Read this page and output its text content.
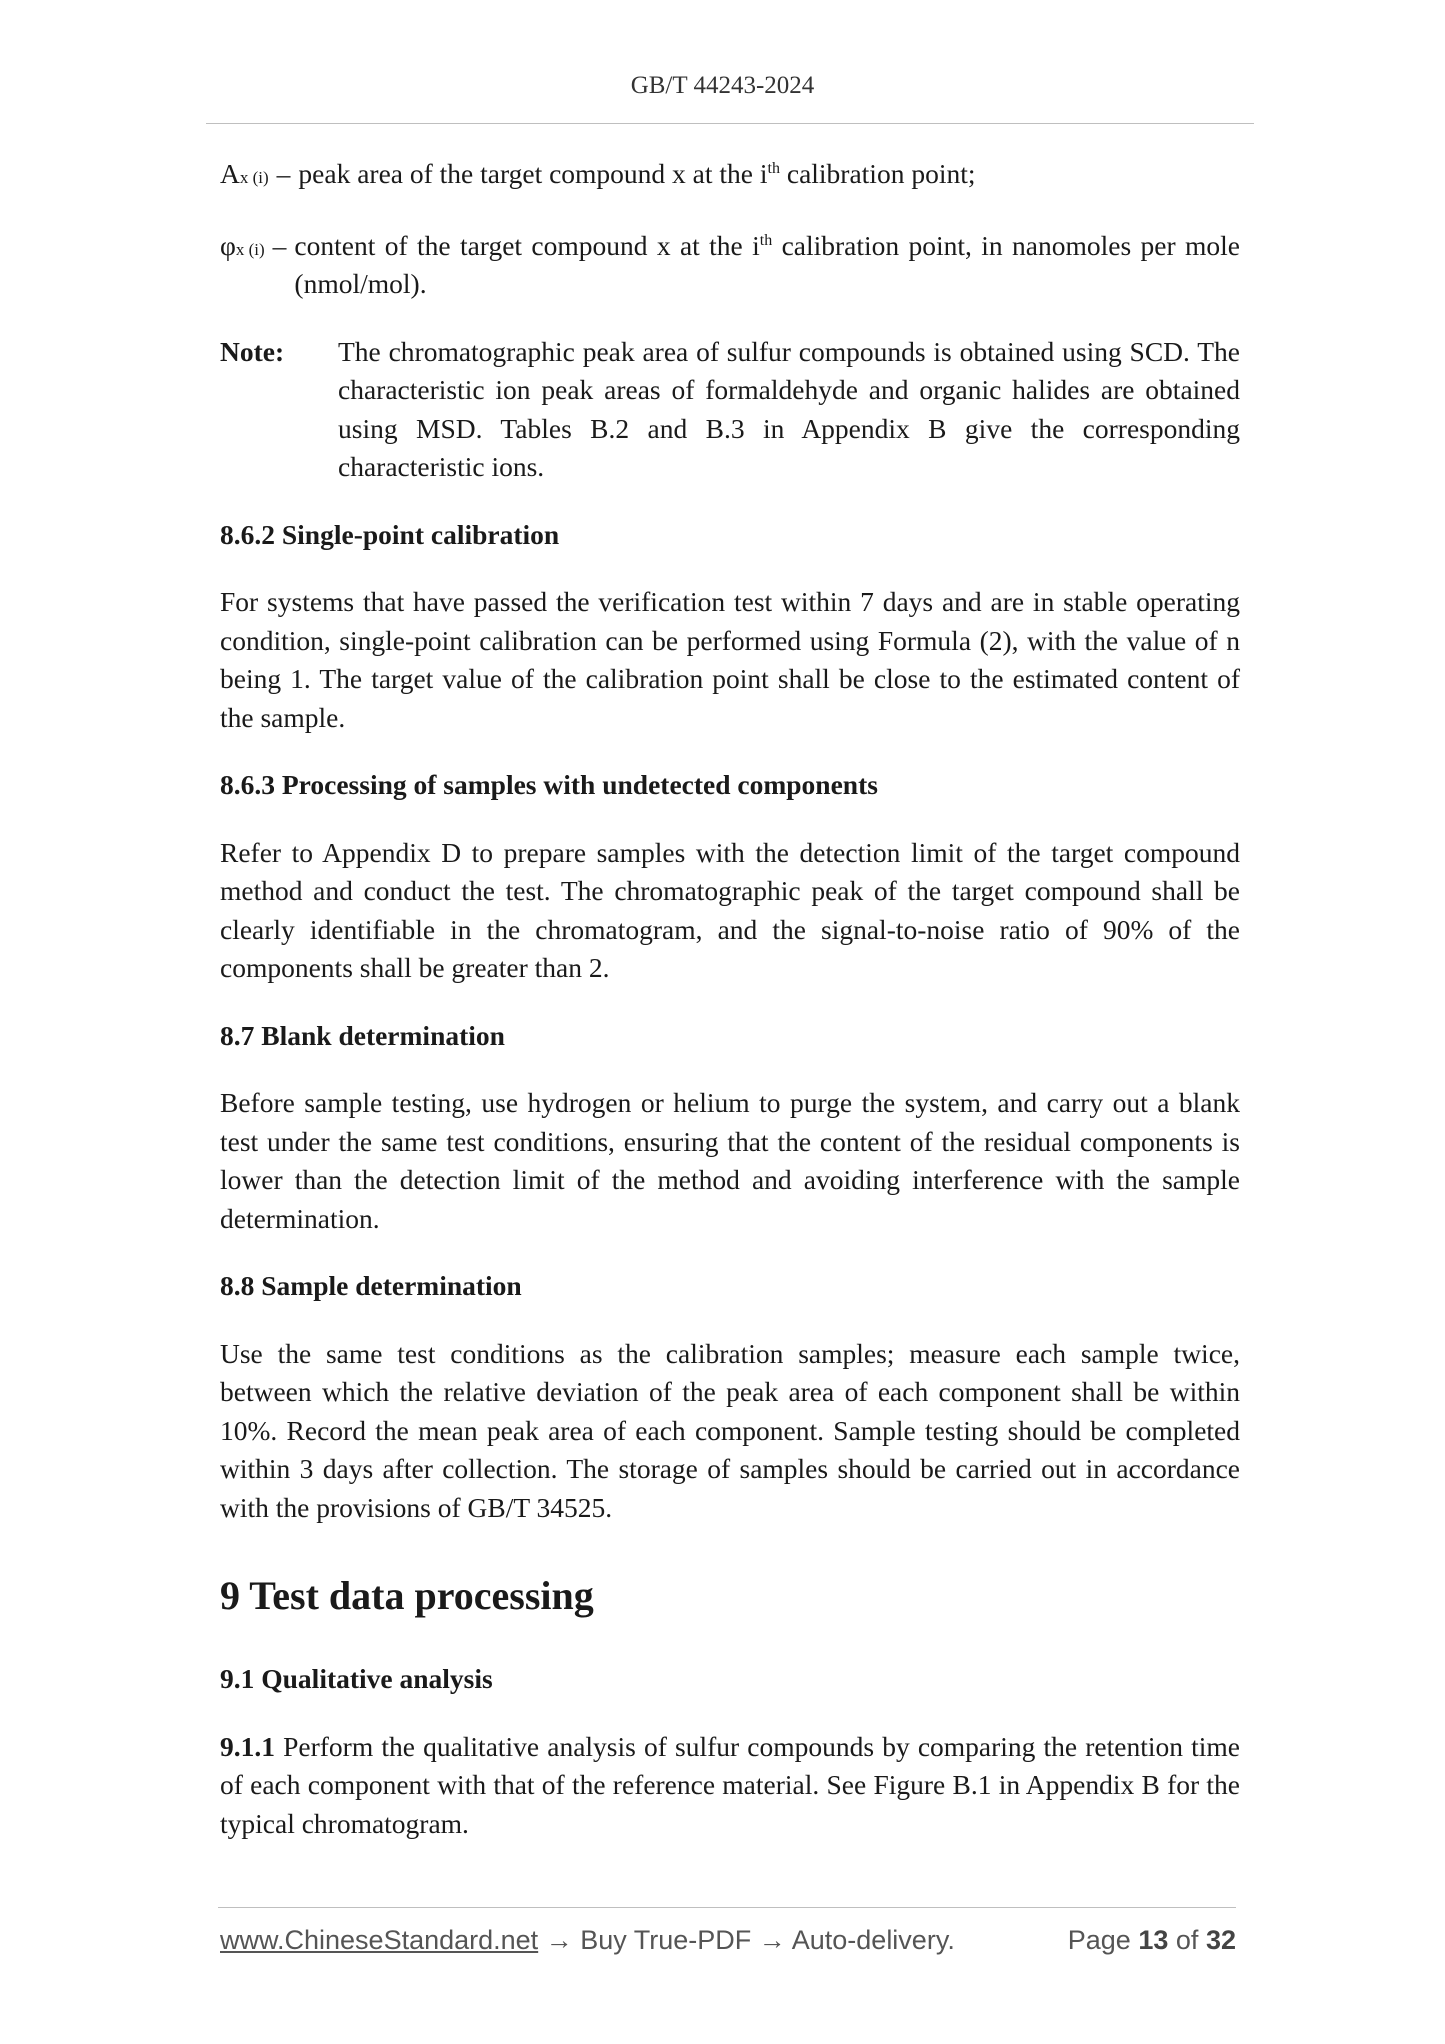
GB/T 44243-2024
Ax (i) – peak area of the target compound x at the $i^{th}$ calibration point;
φx (i) – content of the target compound x at the $i^{th}$ calibration point, in nanomoles per mole (nmol/mol).
Note:	The chromatographic peak area of sulfur compounds is obtained using SCD. The characteristic ion peak areas of formaldehyde and organic halides are obtained using MSD. Tables B.2 and B.3 in Appendix B give the corresponding characteristic ions.
8.6.2 Single-point calibration

For systems that have passed the verification test within 7 days and are in stable operating condition, single-point calibration can be performed using Formula (2), with the value of n being 1. The target value of the calibration point shall be close to the estimated content of the sample.

8.6.3 Processing of samples with undetected components

Refer to Appendix D to prepare samples with the detection limit of the target compound method and conduct the test. The chromatographic peak of the target compound shall be clearly identifiable in the chromatogram, and the signal-to-noise ratio of 90% of the components shall be greater than 2.

8.7 Blank determination

Before sample testing, use hydrogen or helium to purge the system, and carry out a blank test under the same test conditions, ensuring that the content of the residual components is lower than the detection limit of the method and avoiding interference with the sample determination.

8.8 Sample determination

Use the same test conditions as the calibration samples; measure each sample twice, between which the relative deviation of the peak area of each component shall be within 10%. Record the mean peak area of each component. Sample testing should be completed within 3 days after collection. The storage of samples should be carried out in accordance with the provisions of GB/T 34525.

9 Test data processing
9.1 Qualitative analysis

9.1.1 Perform the qualitative analysis of sulfur compounds by comparing the retention time of each component with that of the reference material. See Figure B.1 in Appendix B for the typical chromatogram.

www.ChineseStandard.net → Buy True-PDF → Auto-delivery.	Page 13 of 32
